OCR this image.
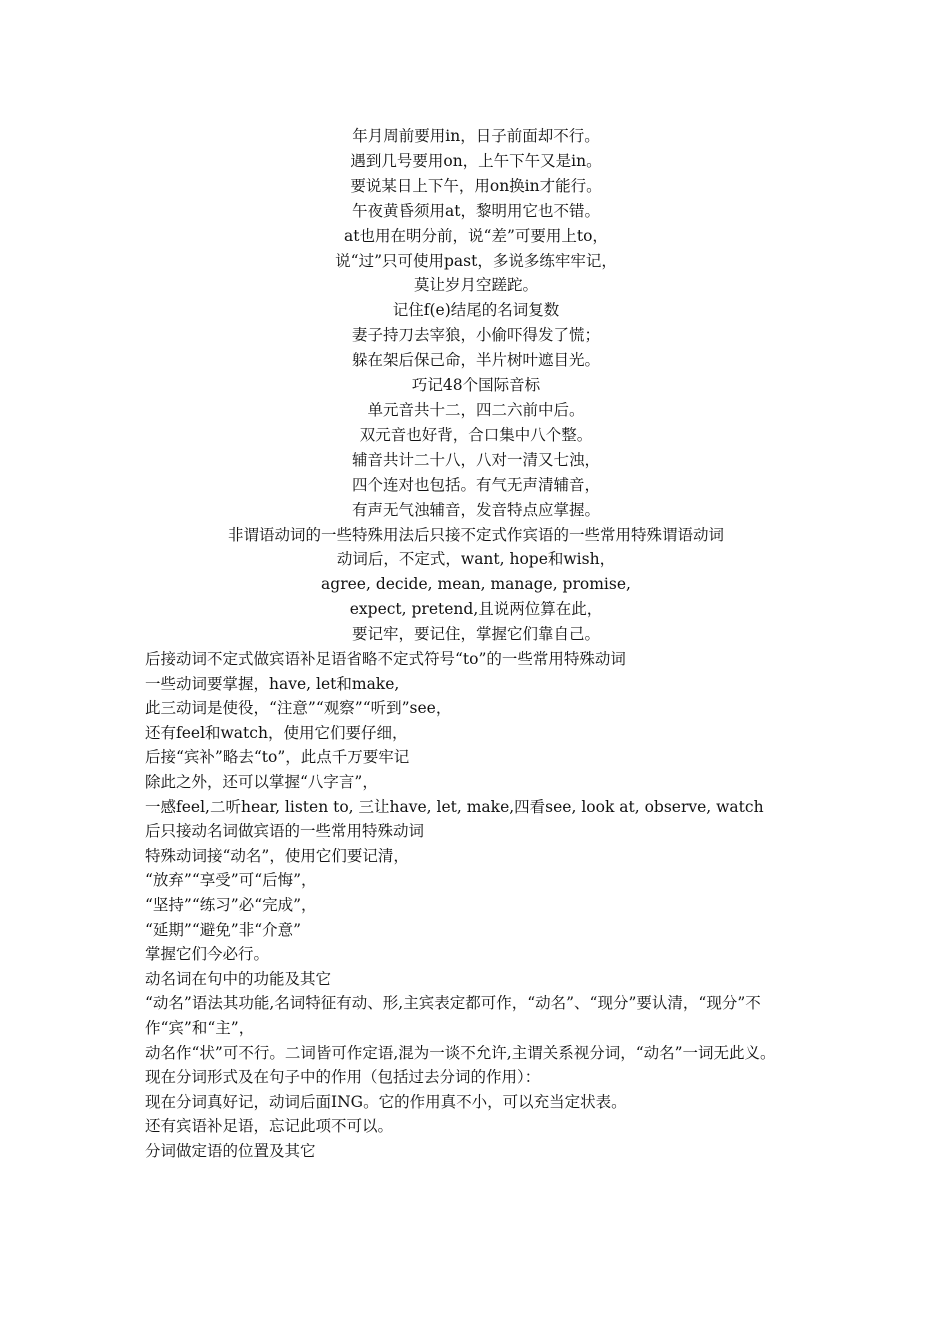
年月周前要用in，日子前面却不行。
遇到几号要用on，上午下午又是in。
要说某日上下午，用on换in才能行。
午夜黄昏须用at，黎明用它也不错。
at也用在明分前，说“差”可要用上to，
说“过”只可使用past，多说多练牢牢记，
莫让岁月空蹉跎。
记住f(e)结尾的名词复数
妻子持刀去宰狼，小偷吓得发了慌；
躲在架后保己命，半片树叶遮目光。
巧记48个国际音标
单元音共十二，四二六前中后。
双元音也好背，合口集中八个整。
辅音共计二十八，八对一清又七浊，
四个连对也包括。有气无声清辅音，
有声无气浊辅音，发音特点应掌握。
非谓语动词的一些特殊用法后只接不定式作宾语的一些常用特殊谓语动词
动词后，不定式，want, hope和wish，
agree, decide, mean, manage, promise,
expect, pretend,且说两位算在此，
要记牢，要记住，掌握它们靠自己。
后接动词不定式做宾语补足语省略不定式符号“to”的一些常用特殊动词
一些动词要掌握，have, let和make,
此三动词是使役，“注意”“观察”“听到”see，
还有feel和watch，使用它们要仔细，
后接“宾补”略去“to”，此点千万要牢记
除此之外，还可以掌握“八字言”，
一感feel,二听hear, listen to, 三让have, let, make,四看see, look at, observe, watch
后只接动名词做宾语的一些常用特殊动词
特殊动词接“动名”，使用它们要记清，
“放弃”“享受”可“后悔”，
“坚持”“练习”必“完成”，
“延期”“避免”非“介意”
掌握它们今必行。
动名词在句中的功能及其它
“动名”语法其功能,名词特征有动、形,主宾表定都可作，“动名”、“现分”要认清，“现分”不作“宾”和“主”，
动名作“状”可不行。二词皆可作定语,混为一谈不允许,主谓关系视分词，“动名”一词无此义。
现在分词形式及在句子中的作用（包括过去分词的作用）：
现在分词真好记，动词后面ING。它的作用真不小，可以充当定状表。
还有宾语补足语，忘记此项不可以。
分词做定语的位置及其它
